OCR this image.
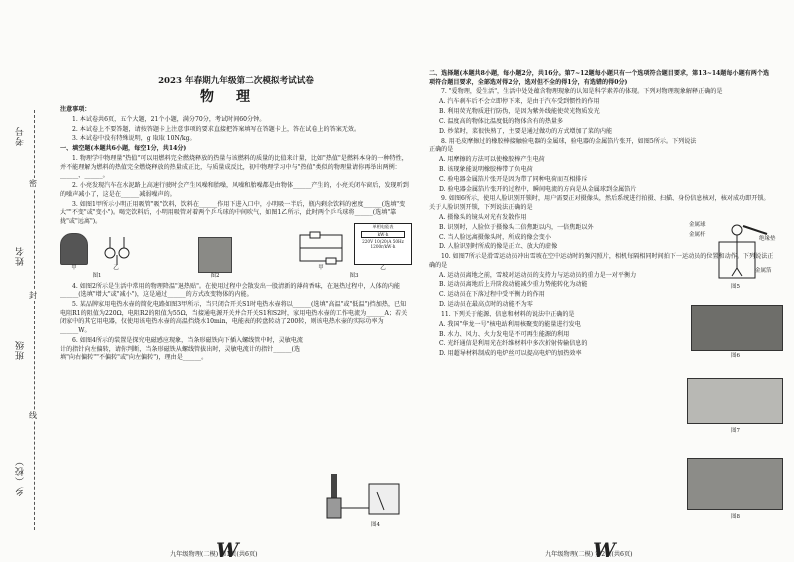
考号
姓名
班级
乡（校）
密
封
线
2023 年春期九年级第二次模拟考试试卷
物理

注意事项：

1. 本试卷共6页，五个大题，21个小题，满分70分，考试时间60分钟。

2. 本试卷上不要答题，请按答题卡上注意事项的要求直接把答案填写在答题卡上，答在试卷上的答案无效。

3. 本试卷中没有特殊说明，g 取取 10N/kg。

一、填空题(本题共6小题，每空1分，共14分)

1. 物理学中物理量"热值"可以用燃料完全燃烧释放的热量与该燃料的质量的比值来计量，比如"热值"是燃料本身的一种特性，并不能理解为燃料的热值完全燃烧释放的热量成正比，与质量成反比，初中物理学习中与"热值"类似的物理量请你再举出两例：______、______。

2. 小亮发现汽车在水泥路上高速行驶时会产生风噪和胎噪，风噪和胎噪都是由物体______产生的，小亮关闭车窗后，发现听到的噪声减小了，这是在______减弱噪声的。

3. 如图1甲所示小明正用吸管"吸"饮料，饮料在______作用下进入口中，小明吸一半后，瓶内剩余饮料的密度______(选填"变大""不变"或"变小")。喝完饮料后，小明用吸管对着两个乒乓球的中间吹气，如图1乙所示，此时两个乒乓球将______(选填"靠拢"或"远离")。

甲	乙
图1	图2
甲
单相电能表
kW·h
220V 10(20)A 50Hz
1200r/kW·h
乙
图3

4. 如图2所示是生活中常用的物理降温"退热贴"。在使用过程中会散发出一股清新的薄荷香味，在退热过程中，人体的内能______(选填"增大"或"减小")，这是通过______的方式改变物体的内能。

5. 某品牌家用电热水壶的简化电路如图3甲所示，当只闭合开关S1时电热水壶将以______(选填"高温"或"低温")挡加热，已知电阻R1的阻值为220Ω，电阻R2的阻值为55Ω，当接通电源开关并合开关S1和S2时，家用电热水壶的工作电流为______A；若关闭家中的其它用电器，仅使用该电热水壶的高温挡烧水10min，电能表的转盘转动了200转，则该电热水壶的实际功率为______W。

6. 如图4所示的装置是探究电磁感应现象，当条形磁铁向下插入螺线管中时，灵敏电流计的指针向左偏转，请你判断，当条形磁铁从螺线管拔出时，灵敏电流计的指针______(选填"向右偏转""不偏转"或"向左偏转")，理由是______。

图4
九年级物理(二模) 第1页(共6页)
W

二、选择题(本题共8小题，每小题2分，共16分。第7~12题每小题只有一个选项符合题目要求，第13~14题每小题有两个选项符合题目要求，全部选对得2分，选对但不全的得1分，有选错的得0分)

7. "爱物理，爱生活"，生活中处处蕴含物理现象的认知是科学素养的体现。下列对物理现象解释正确的是

A. 汽车刹车后不会立即停下来，是由于汽车受到惯性的作用

B. 利用荧光物质进行防伪，是因为紫外线能使荧光物质发光

C. 温度高的物体比温度低的物体含有的热量多

D. 炒菜时，菜很快熟了，主要是通过做功的方式增加了菜的内能

8. 用毛皮摩擦过的橡胶棒接触验电器的金属球，验电器的金属箔片张开，如图5所示。下列说法正确的是

A. 用摩擦的方法可以使橡胶棒产生电荷

B. 该现象能说明橡胶棒带了负电荷

C. 验电器金属箔片张开是因为带了同种电荷而互相排斥

D. 验电器金属箔片张开的过程中，瞬间电流的方向是从金属球到金属箔片

9. 如图6所示，使用人脸识别开锁时，用户需要正对摄像头，然后系统进行拍摄、扫描、身份信息核对，核对成功即开锁。关于人脸识别开锁，下列说法正确的是

A. 摄像头的镜头对光有发散作用

B. 识别时，人脸位于摄像头二倍焦距以内，一倍焦距以外

C. 当人脸远离摄像头时，所成的像会变小

D. 人脸识别时所成的像是正立、放大的虚像

10. 如图7所示是滑雪运动员冲出雪坡在空中运动时的频闪照片，相机每隔相同时间拍下一运动员的位置和动作。下列说法正确的是

A. 运动员离地之前，雪坡对运动员的支持力与运动员的重力是一对平衡力

B. 运动员离地后上升阶段动能减少重力势能转化为动能

C. 运动员在下落过程中受平衡力的作用

D. 运动员在最高点时的动能不为零

11. 下列关于能源、信息和材料的说法中正确的是

A. 我国"华龙一号"核电站利用核聚变的能量进行发电

B. 水力、风力、火力发电是不可再生能源的利用

C. 光纤通信是利用光在纤维材料中多次折射传输信息的

D. 用超导材料制成的电炉丝可以提高电炉的加热效率

金属球
金属杆
绝缘垫
金属箔
图5
图6
图7
图8
九年级物理(二模) 第2页(共6页)
W
